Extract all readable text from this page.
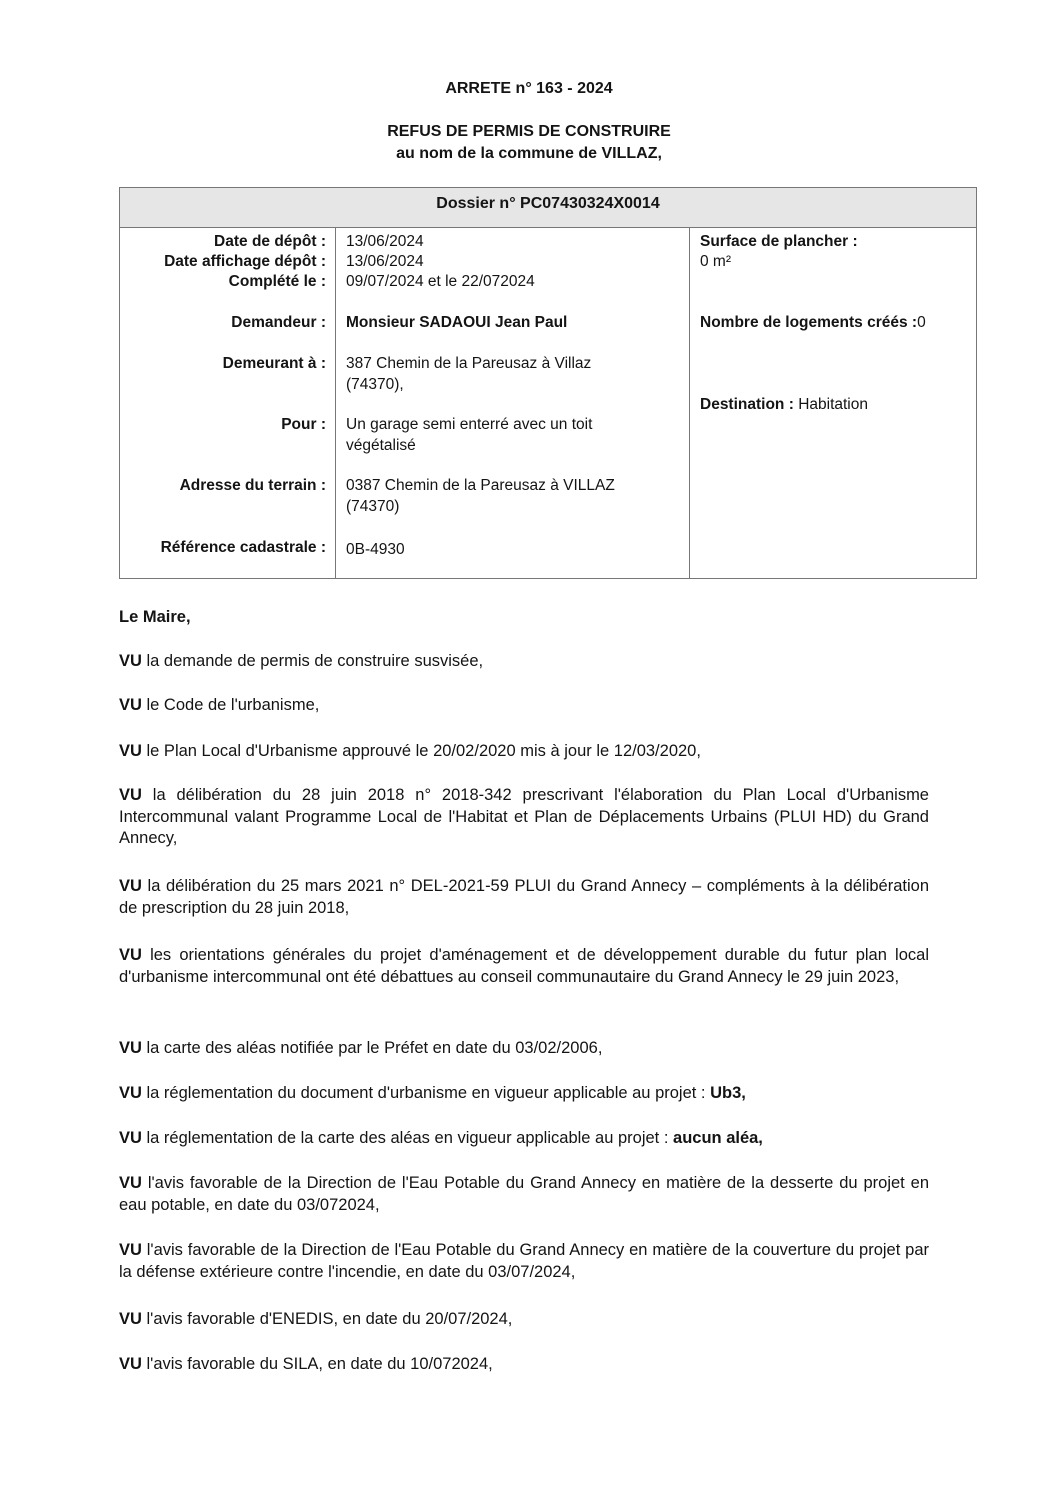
ARRETE n° 163 - 2024
REFUS DE PERMIS DE CONSTRUIRE
au nom de la commune de VILLAZ,
Dossier n° PC07430324X0014
Date de dépôt :
Date affichage dépôt :
Complété le :
Demandeur :
Demeurant à :
Pour :
Adresse du terrain :
Référence cadastrale :
13/06/2024
13/06/2024
09/07/2024 et le 22/072024
Monsieur SADAOUI Jean Paul
387 Chemin de la Pareusaz à Villaz (74370),
Un garage semi enterré avec un toit végétalisé
0387 Chemin de la Pareusaz à VILLAZ (74370)
0B-4930
Surface de plancher :
0 m²
Nombre de logements créés :0
Destination : Habitation
Le Maire,
VU la demande de permis de construire susvisée,
VU le Code de l'urbanisme,
VU le Plan Local d'Urbanisme approuvé le 20/02/2020 mis à jour le 12/03/2020,
VU la délibération du 28 juin 2018 n° 2018-342 prescrivant l'élaboration du Plan Local d'Urbanisme Intercommunal valant Programme Local de l'Habitat et Plan de Déplacements Urbains (PLUI HD) du Grand Annecy,
VU la délibération du 25 mars 2021 n° DEL-2021-59 PLUI du Grand Annecy – compléments à la délibération de prescription du 28 juin 2018,
VU les orientations générales du projet d'aménagement et de développement durable du futur plan local d'urbanisme intercommunal ont été débattues au conseil communautaire du Grand Annecy le 29 juin 2023,
VU la carte des aléas notifiée par le Préfet en date du 03/02/2006,
VU la réglementation du document d'urbanisme en vigueur applicable au projet : Ub3,
VU la réglementation de la carte des aléas en vigueur applicable au projet : aucun aléa,
VU l'avis favorable de la Direction de l'Eau Potable du Grand Annecy en matière de la desserte du projet en eau potable, en date du 03/072024,
VU l'avis favorable de la Direction de l'Eau Potable du Grand Annecy en matière de la couverture du projet par la défense extérieure contre l'incendie, en date du 03/07/2024,
VU l'avis favorable d'ENEDIS, en date du 20/07/2024,
VU l'avis favorable du SILA, en date du 10/072024,
